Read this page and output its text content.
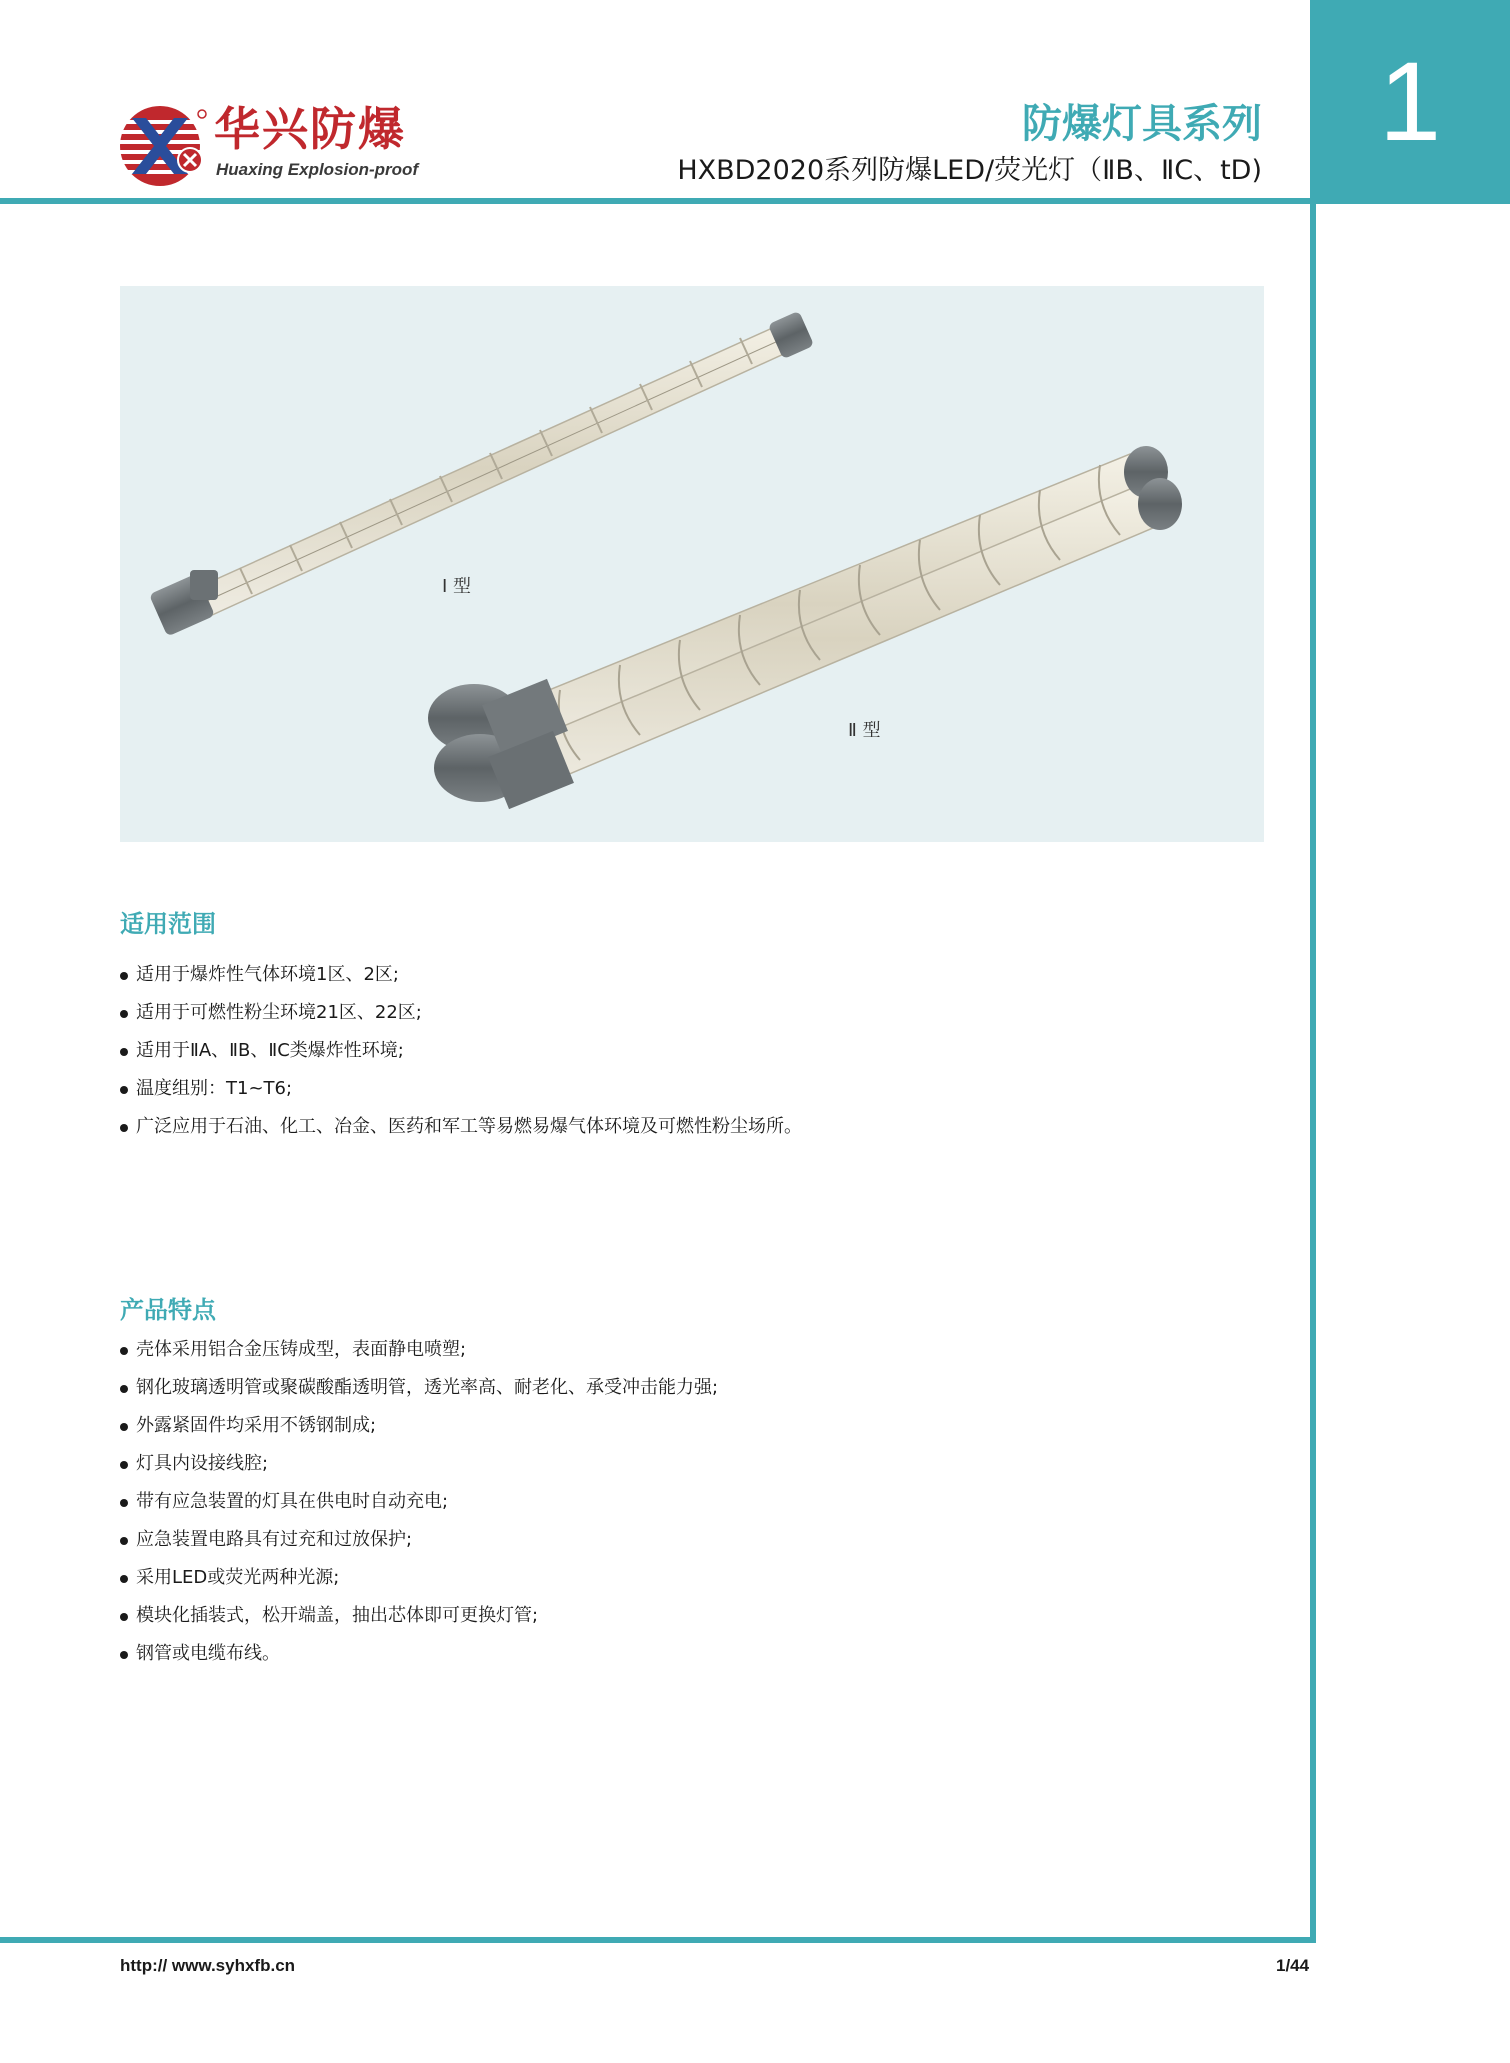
1
华兴防爆
Huaxing Explosion-proof
防爆灯具系列
HXBD2020系列防爆LED/荧光灯（ⅡB、ⅡC、tD)
Ⅰ 型
Ⅱ 型
适用范围
适用于爆炸性气体环境1区、2区;
适用于可燃性粉尘环境21区、22区;
适用于ⅡA、ⅡB、ⅡC类爆炸性环境;
温度组别：T1~T6;
广泛应用于石油、化工、冶金、医药和军工等易燃易爆气体环境及可燃性粉尘场所。
产品特点
壳体采用铝合金压铸成型，表面静电喷塑;
钢化玻璃透明管或聚碳酸酯透明管，透光率高、耐老化、承受冲击能力强;
外露紧固件均采用不锈钢制成;
灯具内设接线腔;
带有应急装置的灯具在供电时自动充电;
应急装置电路具有过充和过放保护;
采用LED或荧光两种光源;
模块化插装式，松开端盖，抽出芯体即可更换灯管;
钢管或电缆布线。
http:// www.syhxfb.cn	1/44
